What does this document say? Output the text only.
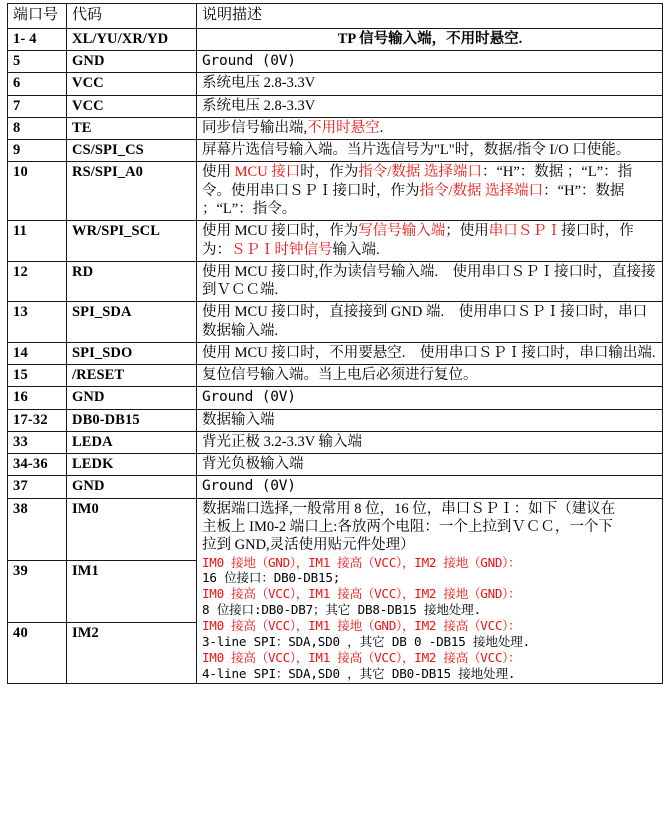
端口号	代码	说明描述
1- 4	XL/YU/XR/YD	TP 信号输入端，不用时悬空.
5	GND	Ground (0V)
6	VCC	系统电压 2.8-3.3V
7	VCC	系统电压 2.8-3.3V
8	TE	同步信号输出端,不用时悬空.
9	CS/SPI_CS	屏幕片选信号输入端。当片选信号为"L"时，数据/指令 I/O 口使能。
10	RS/SPI_A0	使用 MCU 接口时，作为指令/数据 选择端口：“H”：数据 ；“L”：指令。使用串口ＳＰＩ接口时，作为指令/数据 选择端口：“H”：数据 ；“L”：指令。
11	WR/SPI_SCL	使用 MCU 接口时，作为写信号输入端；使用串口ＳＰＩ接口时，作为：ＳＰＩ时钟信号输入端.
12	RD	使用 MCU 接口时,作为读信号输入端.　使用串口ＳＰＩ接口时，直接接到ＶＣＣ端.
13	SPI_SDA	使用 MCU 接口时，直接接到 GND 端.　使用串口ＳＰＩ接口时，串口数据输入端.
14	SPI_SDO	使用 MCU 接口时，不用要悬空.　使用串口ＳＰＩ接口时，串口输出端.
15	/RESET	复位信号输入端。当上电后必须进行复位。
16	GND	Ground (0V)
17-32	DB0-DB15	数据输入端
33	LEDA	背光正极 3.2-3.3V 输入端
34-36	LEDK	背光负极输入端
37	GND	Ground (0V)
38	IM0	数据端口选择,一般常用 8 位，16 位，串口ＳＰＩ：如下（建议在
主板上 IM0-2 端口上:各放两个电阻：一个上拉到ＶＣＣ，一个下
拉到 GND,灵活使用贴元件处理）
IM0 接地（GND），IM1 接高（VCC），IM2 接地（GND）：
16 位接口：DB0-DB15;
IM0 接高（VCC），IM1 接高（VCC），IM2 接地（GND）：
8 位接口:DB0-DB7；其它 DB8-DB15 接地处理.
IM0 接高（VCC），IM1 接地（GND），IM2 接高（VCC）：
3-line SPI：SDA,SD0 ，其它 DB 0 -DB15 接地处理.
IM0 接高（VCC），IM1 接高（VCC），IM2 接高（VCC）：
4-line SPI：SDA,SD0 ，其它 DB0-DB15 接地处理.

39	IM1	
40	IM2	
